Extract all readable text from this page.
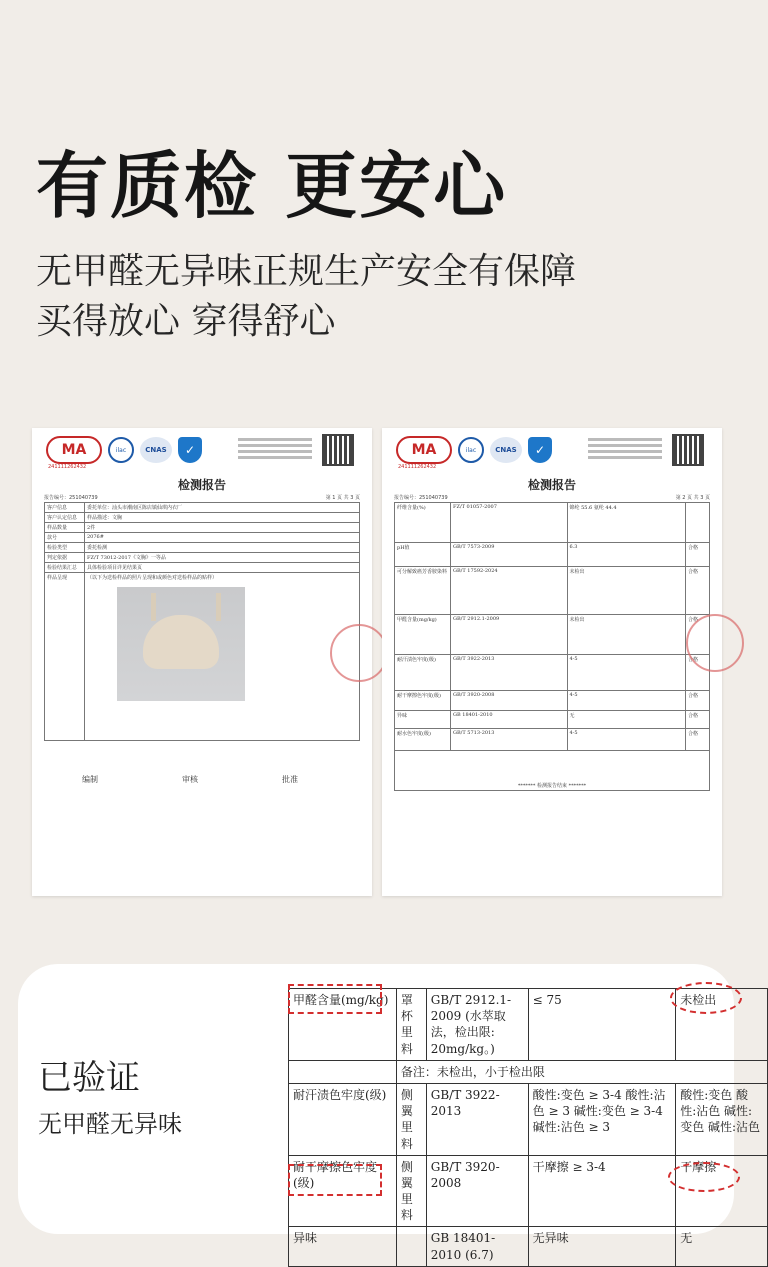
有质检 更安心
无甲醛无异味正规生产安全有保障
买得放心 穿得舒心
MA	ilac	CNAS	✓
241111262432
检测报告
报告编号：251040739	第 1 页 共 3 页
客户信息	委托单位：汕头市潮南区陈店镇仙琪内衣厂
客户认定信息	样品描述：文胸
样品数量	2件
款号	2076#
检验类型	委托检测
判定依据	FZ/T 73012-2017《文胸》一等品
检验结果汇总	具体检验项目详见结果页
样品呈现	（以下为送检样品的照片呈现和或颜色对送检样品的贴样）
编制	审核	批准
MA	ilac	CNAS	✓
241111262432
检测报告
报告编号：251040739	第 2 页 共 3 页
纤维含量(%)	FZ/T 01057-2007	锦纶 55.6 氨纶 44.4	
pH值	GB/T 7573-2009	6.3	合格
可分解致癌芳香胺染料	GB/T 17592-2024	未检出	合格
甲醛含量(mg/kg)	GB/T 2912.1-2009	未检出	合格
耐汗渍色牢度(级)	GB/T 3922-2013	4-5	合格
耐干摩擦色牢度(级)	GB/T 3920-2008	4-5	合格
异味	GB 18401-2010	无	合格
耐水色牢度(级)	GB/T 5713-2013	4-5	合格
******* 检测报告结束 *******			
已验证
无甲醛无异味
甲醛含量(mg/kg)	罩杯里料	GB/T 2912.1-2009 (水萃取法，检出限: 20mg/kg。)	≤ 75	未检出
	备注：未检出，小于检出限			
耐汗渍色牢度(级)	侧翼里料	GB/T 3922-2013	酸性:变色 ≥ 3-4 酸性:沾色 ≥ 3 碱性:变色 ≥ 3-4 碱性:沾色 ≥ 3	酸性:变色 酸性:沾色 碱性:变色 碱性:沾色
耐干摩擦色牢度(级)	侧翼里料	GB/T 3920-2008	干摩擦 ≥ 3-4	干摩擦
异味		GB 18401-2010 (6.7)	无异味	无
